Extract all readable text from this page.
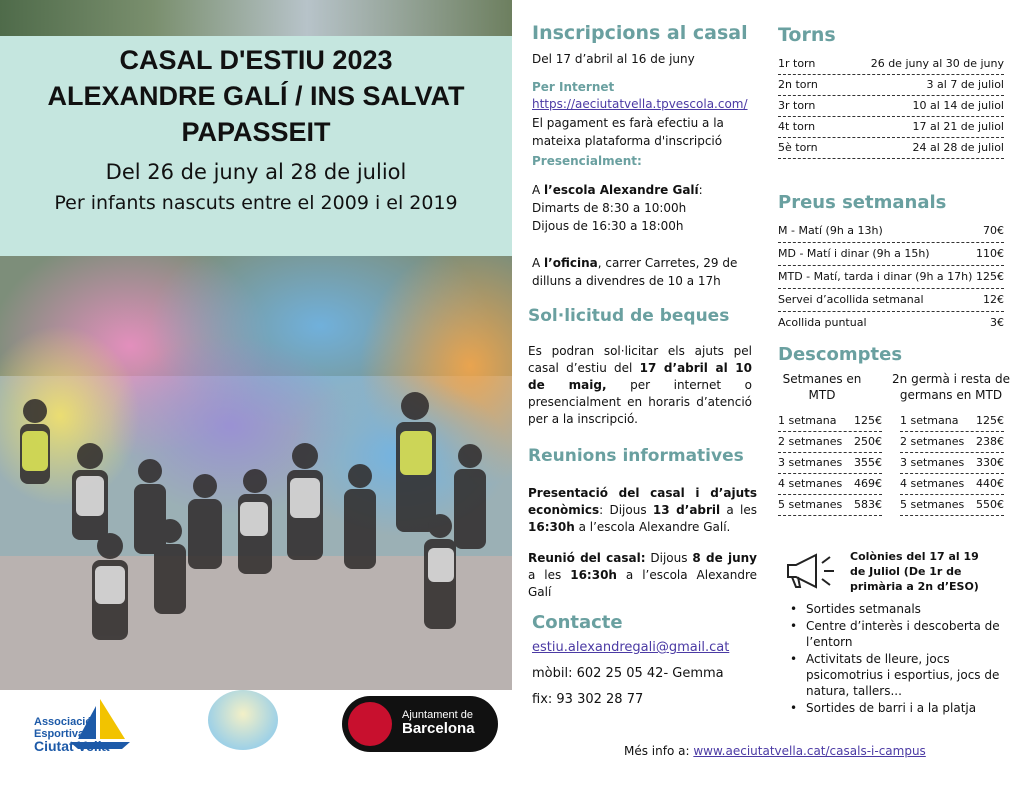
CASAL D'ESTIU 2023
ALEXANDRE GALÍ / INS SALVAT
PAPASSEIT
Del 26 de juny al 28 de juliol
Per infants nascuts entre el 2009 i el 2019
Associació
Esportiva
Ciutat Vella
Ajuntament de
Barcelona
Inscripcions al casal
Del 17 d’abril al 16 de juny
Per Internet
https://aeciutatvella.tpvescola.com/
El pagament es farà efectiu a la mateixa plataforma d'inscripció
Presencialment:
A l’escola Alexandre Galí:
Dimarts de 8:30 a 10:00h
Dijous de 16:30 a 18:00h
A l’oficina, carrer Carretes, 29 de
dilluns a divendres de 10 a 17h
Sol·licitud de beques
Es podran sol·licitar els ajuts pel casal d’estiu del 17 d’abril al 10 de maig, per internet o presencialment en horaris d’atenció per a la inscripció.
Reunions informatives
Presentació del casal i d’ajuts econòmics: Dijous 13 d’abril a les 16:30h a l’escola Alexandre Galí.
Reunió del casal: Dijous 8 de juny a les 16:30h a l’escola Alexandre Galí
Contacte
estiu.alexandregali@gmail.cat
mòbil: 602 25 05 42- Gemma
fix: 93 302 28 77
Més info a: www.aeciutatvella.cat/casals-i-campus
Torns
1r torn	26 de juny al 30 de juny
2n torn	3 al 7 de juliol
3r torn	10 al 14 de juliol
4t torn	17 al 21 de juliol
5è torn	24 al 28 de juliol
Preus setmanals
M - Matí (9h a 13h)	70€
MD - Matí i dinar (9h a 15h)	110€
MTD - Matí, tarda i dinar (9h a 17h) 125€
Servei d’acollida setmanal	12€
Acollida puntual	3€
Descomptes
Setmanes en MTD
2n germà i resta de germans en MTD
1 setmana 125€
2 setmanes 250€
3 setmanes 355€
4 setmanes 469€
5 setmanes 583€
1 setmana 125€
2 setmanes 238€
3 setmanes 330€
4 setmanes 440€
5 setmanes 550€
Colònies del 17 al 19 de Juliol (De 1r de primària a 2n d’ESO)
• Sortides setmanals
• Centre d’interès i descoberta de l’entorn
• Activitats de lleure, jocs psicomotrius i esportius, jocs de natura, tallers...
• Sortides de barri i a la platja
